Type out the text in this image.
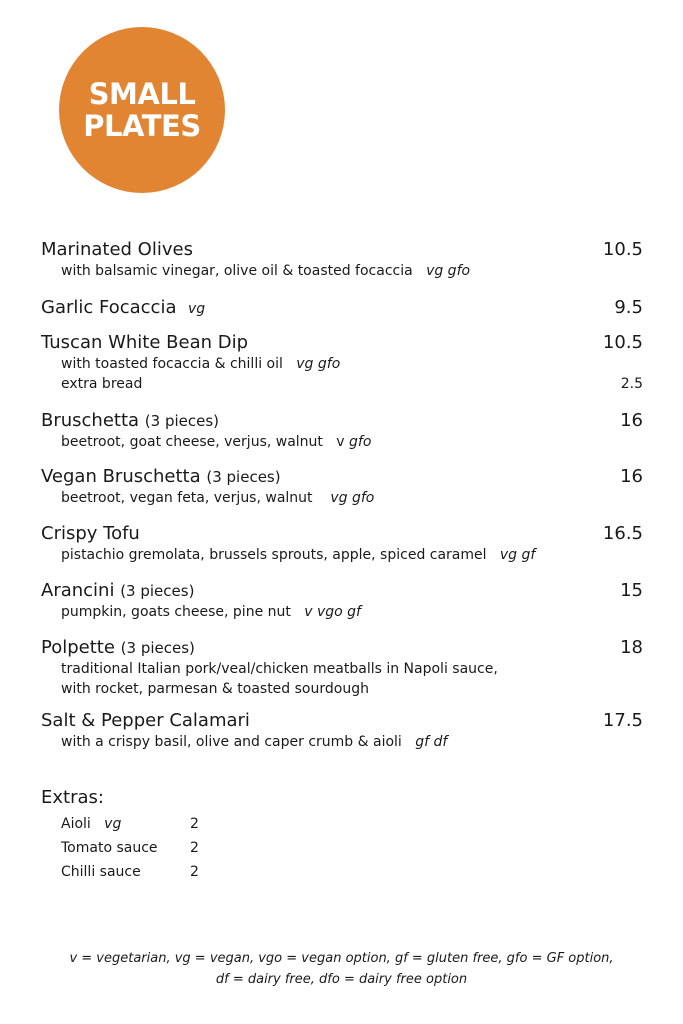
SMALL
PLATES
Marinated Olives	10.5
with balsamic vinegar, olive oil & toasted focaccia vg gfo
Garlic Focaccia vg	9.5
Tuscan White Bean Dip	10.5
with toasted focaccia & chilli oil vg gfo
extra bread	2.5
Bruschetta (3 pieces)	16
beetroot, goat cheese, verjus, walnut v gfo
Vegan Bruschetta (3 pieces)	16
beetroot, vegan feta, verjus, walnut vg gfo
Crispy Tofu	16.5
pistachio gremolata, brussels sprouts, apple, spiced caramel vg gf
Arancini (3 pieces)	15
pumpkin, goats cheese, pine nut v vgo gf
Polpette (3 pieces)	18
traditional Italian pork/veal/chicken meatballs in Napoli sauce,
with rocket, parmesan & toasted sourdough
Salt & Pepper Calamari	17.5
with a crispy basil, olive and caper crumb & aioli gf df
Extras:
Aioli vg	2
Tomato sauce 2
Chilli sauce	2
v = vegetarian, vg = vegan, vgo = vegan option, gf = gluten free, gfo = GF option,
df = dairy free, dfo = dairy free option
